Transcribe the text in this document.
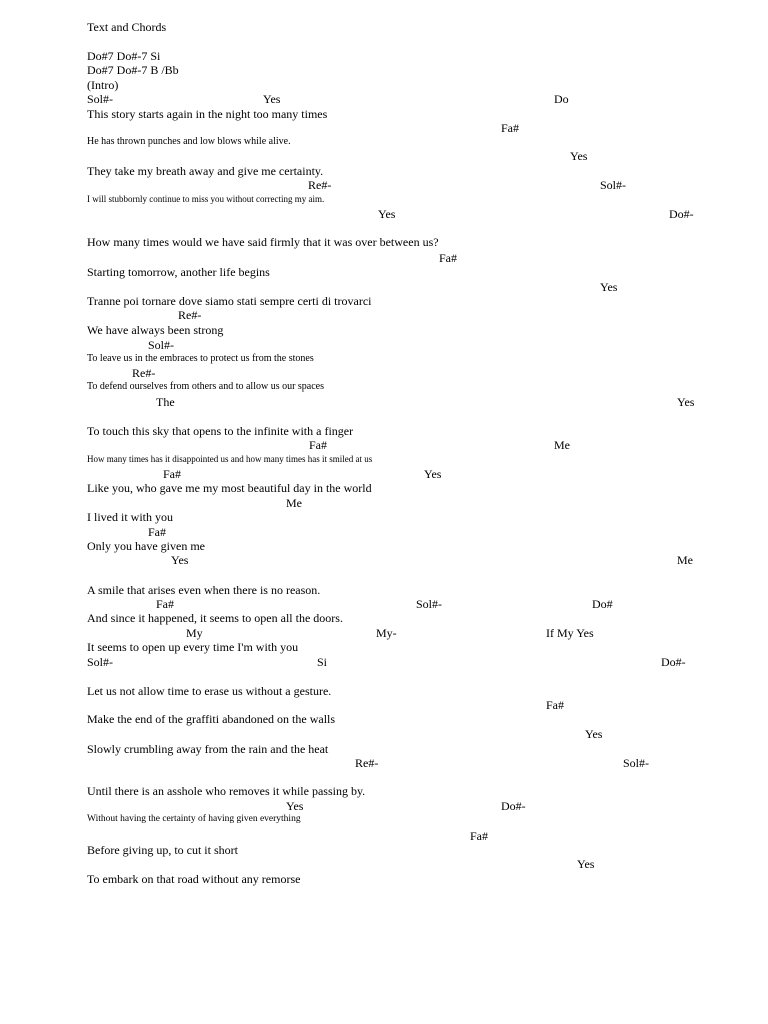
Text and Chords
Do#7 Do#-7 Si
Do#7 Do#-7 B /Bb
(Intro)
Sol#-	Yes	Do
This story starts again in the night too many times
Fa#
He has thrown punches and low blows while alive.
Yes
They take my breath away and give me certainty.
Re#-	Sol#-
I will stubbornly continue to miss you without correcting my aim.
Yes	Do#-
How many times would we have said firmly that it was over between us?
Fa#
Starting tomorrow, another life begins
Yes
Tranne poi tornare dove siamo stati sempre certi di trovarci
Re#-
We have always been strong
Sol#-
To leave us in the embraces to protect us from the stones
Re#-
To defend ourselves from others and to allow us our spaces
The	Yes
To touch this sky that opens to the infinite with a finger
Fa#	Me
How many times has it disappointed us and how many times has it smiled at us
Fa#	Yes
Like you, who gave me my most beautiful day in the world
Me
I lived it with you
Fa#
Only you have given me
Yes	Me
A smile that arises even when there is no reason.
Fa#	Sol#-	Do#
And since it happened, it seems to open all the doors.
My	My-	If My Yes
It seems to open up every time I'm with you
Sol#-	Si	Do#-
Let us not allow time to erase us without a gesture.
Fa#
Make the end of the graffiti abandoned on the walls
Yes
Slowly crumbling away from the rain and the heat
Re#-	Sol#-
Until there is an asshole who removes it while passing by.
Yes	Do#-
Without having the certainty of having given everything
Fa#
Before giving up, to cut it short
Yes
To embark on that road without any remorse
